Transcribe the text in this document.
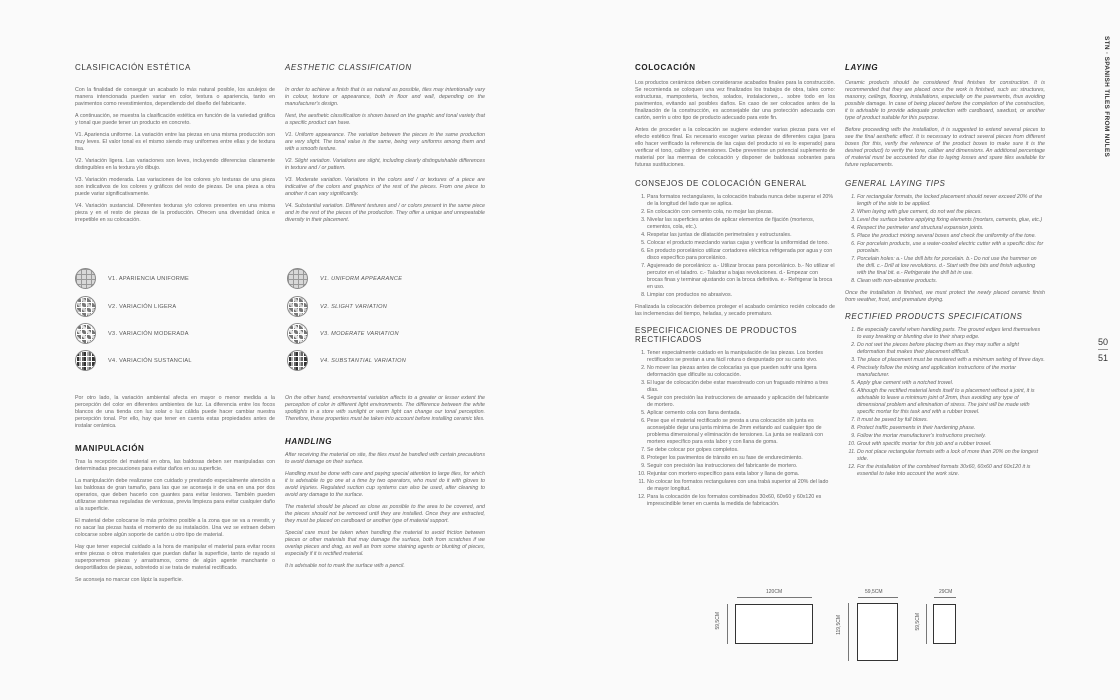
CLASIFICACIÓN ESTÉTICA

Con la finalidad de conseguir un acabado lo más natural posible, los azulejos de manera intencionada pueden variar en color, textura o apariencia, tanto en pavimentos como revestimientos, dependiendo del diseño del fabricante.

A continuación, se muestra la clasificación estética en función de la variedad gráfica y tonal que puede tener un producto en concreto.

V1. Apariencia uniforme. La variación entre las piezas en una misma producción son muy leves. El valor tonal es el mismo siendo muy uniformes entre ellas y de textura lisa.

V2. Variación ligera. Las variaciones son leves, incluyendo diferencias claramente distinguibles en la textura y/o dibujo.

V3. Variación moderada. Las variaciones de los colores y/o texturas de una pieza son indicativos de los colores y gráficos del resto de piezas. De una pieza a otra puede variar significativamente.

V4. Variación sustancial. Diferentes texturas y/o colores presentes en una misma pieza y en el resto de piezas de la producción. Ofrecen una diversidad única e irrepetible en su colocación.

AESTHETIC CLASSIFICATION

In order to achieve a finish that is as natural as possible, tiles may intentionally vary in colour, texture or appearance, both in floor and wall, depending on the manufacturer's design.

Next, the aesthetic classification is shown based on the graphic and tonal variety that a specific product can have.

V1. Uniform appearance. The variation between the pieces in the same production are very slight. The tonal value is the same, being very uniforms among them and with a smooth texture.

V2. Slight variation. Variations are slight, including clearly distinguishable differences in texture and / or pattern.

V3. Moderate variation. Variations in the colors and / or textures of a piece are indicative of the colors and graphics of the rest of the pieces. From one piece to another it can vary significantly.

V4. Substantial variation. Different textures and / or colors present in the same piece and in the rest of the pieces of the production. They offer a unique and unrepeatable diversity in their placement.

V1. APARIENCIA UNIFORME
V2. VARIACIÓN LIGERA
V3. VARIACIÓN MODERADA
V4. VARIACIÓN SUSTANCIAL
V1. UNIFORM APPEARANCE
V2. SLIGHT VARIATION
V3. MODERATE VARIATION
V4. SUBSTANTIAL VARIATION

Por otro lado, la variación ambiental afecta en mayor o menor medida a la percepción del color en diferentes ambientes de luz. La diferencia entre los focos blancos de una tienda con luz solar o luz cálida puede hacer cambiar nuestra percepción tonal. Por ello, hay que tener en cuenta estas propiedades antes de instalar cerámica.

MANIPULACIÓN

Tras la recepción del material en obra, las baldosas deben ser manipuladas con determinadas precauciones para evitar daños en su superficie.

La manipulación debe realizarse con cuidado y prestando especialmente atención a las baldosas de gran tamaño, para las que se aconseja ir de una en una por dos operarios, que deben hacerlo con guantes para evitar lesiones. También pueden utilizarse sistemas reguladas de ventosas, previa limpieza para evitar cualquier daño a la superficie.

El material debe colocarse lo más próximo posible a la zona que se va a revestir, y no sacar las piezas hasta el momento de su instalación. Una vez se extraen deben colocarse sobre algún soporte de cartón u otro tipo de material.

Hay que tener especial cuidado a la hora de manipular el material para evitar roces entre piezas o otros materiales que puedan dañar la superficie, tanto de rayado si superponemos piezas y arrastramos, como de algún agente manchante o desportillados de piezas, sobretodo si se trata de material rectificado.

Se aconseja no marcar con lápiz la superficie.

On the other hand, environmental variation affects to a greater or lesser extent the perception of color in different light environments. The difference between the white spotlights in a store with sunlight or warm light can change our tonal perception. Therefore, these properties must be taken into account before installing ceramic tiles.

HANDLING

After receiving the material on site, the tiles must be handled with certain precautions to avoid damage on their surface.

Handling must be done with care and paying special attention to large tiles, for which it is advisable to go one at a time by two operators, who must do it with gloves to avoid injuries. Regulated suction cup systems can also be used, after cleaning to avoid any damage to the surface.

The material should be placed as close as possible to the area to be covered, and the pieces should not be removed until they are installed. Once they are extracted, they must be placed on cardboard or another type of material support.

Special care must be taken when handling the material to avoid friction between pieces or other materials that may damage the surface, both from scratches if we overlap pieces and drag, as well as from some staining agents or blunting of pieces, especially if it is rectified material.

It is advisable not to mark the surface with a pencil.

COLOCACIÓN

Los productos cerámicos deben considerarse acabados finales para la construcción. Se recomienda se coloquen una vez finalizados los trabajos de obra, tales como: estructuras, mamposteria, techos, solados, instalaciones,... sobre todo en los pavimentos, evitando así posibles daños. En caso de ser colocados antes de la finalización de la construcción, es aconsejable dar una protección adecuada con cartón, serrín u otro tipo de producto adecuado para este fin.

Antes de proceder a la colocación se sugiere extender varias piezas para ver el efecto estético final. Es necesario escoger varias piezas de diferentes cajas (para ello hacer verificado la referencia de las cajas del producto si es lo esperado) para verificar el tono, calibre y dimensiones. Debe prevenirse un potencial suplemento de material por las mermas de colocación y disponer de baldosas sobrantes para futuras sustituciones.

CONSEJOS DE COLOCACIÓN GENERAL

1. Para formatos rectangulares, la colocación trabada nunca debe superar el 20% de la longitud del lado que se aplica.
2. En colocación con cemento cola, no mojar las piezas.
3. Nivelar las superficies antes de aplicar elementos de fijación (morteros, cementos, cola, etc.).
4. Respetar las juntas de dilatación perimetrales y estructurales.
5. Colocar el producto mezclando varias cajas y verificar la uniformidad de tono.
6. En producto porcelánico utilizar cortadores eléctrica refrigerada por agua y con disco específico para porcelánico.
7. Agujereado de porcelánico: a.- Utilizar brocas para porcelánico. b.- No utilizar el percutor en el taladro. c.- Taladrar a bajas revoluciones. d.- Empezar con brocas finas y terminar ajustando con la broca definitiva. e.- Refrigerar la broca en uso.
8. Limpiar con productos no abrasivos.

Finalizada la colocación debemos proteger el acabado cerámico recién colocado de las inclemencias del tiempo, heladas, y secado prematuro.

ESPECIFICACIONES DE PRODUCTOS RECTIFICADOS

1. Tener especialmente cuidado en la manipulación de las piezas. Los bordes rectificados se prestan a una fácil rotura o despuntado por su canto vivo.
2. No mover las piezas antes de colocarlas ya que pueden sufrir una ligera deformación que dificulte su colocación.
3. El lugar de colocación debe estar maestreado con un fraguado mínimo a tres días.
4. Seguir con precisión las instrucciones de amasado y aplicación del fabricante de mortero.
5. Aplicar cemento cola con llana dentada.
6. Pese que el material rectificado se presta a una colocación sin junta es aconsejable dejar una junta mínima de 2mm evitando así cualquier tipo de problema dimensional y eliminación de tensiones. La junta se realizará con mortero específico para esta labor y con llana de goma.
7. Se debe colocar por golpes completos.
8. Proteger los pavimentos de tránsito en su fase de endurecimiento.
9. Seguir con precisión las instrucciones del fabricante de mortero.
10. Rejuntar con mortero específico para esta labor y llana de goma.
11. No colocar los formatos rectangulares con una trabá superior al 20% del lado de mayor longitud.
12. Para la colocación de los formatos combinados 30x60, 60x60 y 60x120 es imprescindible tener en cuenta la medida de fabricación.

LAYING

Ceramic products should be considered final finishes for construction. It is recommended that they are placed once the work is finished, such as: structures, masonry, ceilings, flooring, installations, especially on the pavements, thus avoiding possible damage. In case of being placed before the completion of the construction, it is advisable to provide adequate protection with cardboard, sawdust, or another type of product suitable for this purpose.

Before proceeding with the installation, it is suggested to extend several pieces to see the final aesthetic effect. It is necessary to extract several pieces from different boxes (for this, verify the reference of the product boxes to make sure it is the desired product) to verify the tone, caliber and dimensions. An additional percentage of material must be accounted for due to laying losses and spare tiles available for future replacements.

GENERAL LAYING TIPS

1. For rectangular formats, the locked placement should never exceed 20% of the length of the side to be applied.
2. When laying with glue cement, do not wet the pieces.
3. Level the surface before applying fixing elements (mortars, cements, glue, etc.)
4. Respect the perimeter and structural expansion joints.
5. Place the product mixing several boxes and check the uniformity of the tone.
6. For porcelain products, use a water-cooled electric cutter with a specific disc for porcelain.
7. Porcelain holes: a.- Use drill bits for porcelain. b.- Do not use the hammer on the drill. c.- Drill at low revolutions. d.- Start with fine bits and finish adjusting with the final bit. e.- Refrigerate the drill bit in use.
8. Clean with non-abrasive products.

Once the installation is finished, we must protect the newly placed ceramic finish from weather, frost, and premature drying.

RECTIFIED PRODUCTS SPECIFICATIONS

1. Be especially careful when handling parts. The ground edges lend themselves to easy breaking or blunting due to their sharp edge.
2. Do not wet the pieces before placing them as they may suffer a slight deformation that makes their placement difficult.
3. The place of placement must be mastered with a minimum setting of three days.
4. Precisely follow the mixing and application instructions of the mortar manufacturer.
5. Apply glue cement with a notched trowel.
6. Although the rectified material lends itself to a placement without a joint, it is advisable to leave a minimum joint of 2mm, thus avoiding any type of dimensional problem and elimination of stress. The joint will be made with specific mortar for this task and with a rubber trowel.
7. It must be paved by full blows.
8. Protect traffic pavements in their hardening phase.
9. Follow the mortar manufacturer's instructions precisely.
10. Grout with specific mortar for this job and a rubber trowel.
11. Do not place rectangular formats with a lock of more than 20% on the longest side.
12. For the installation of the combined formats 30x60, 60x60 and 60x120 it is essential to take into account the work size.
120CM
59,5CM
59,5CM
119,5CM
29CM
59,5CM
STN · SPANISH TILES FROM NULES
50
51
